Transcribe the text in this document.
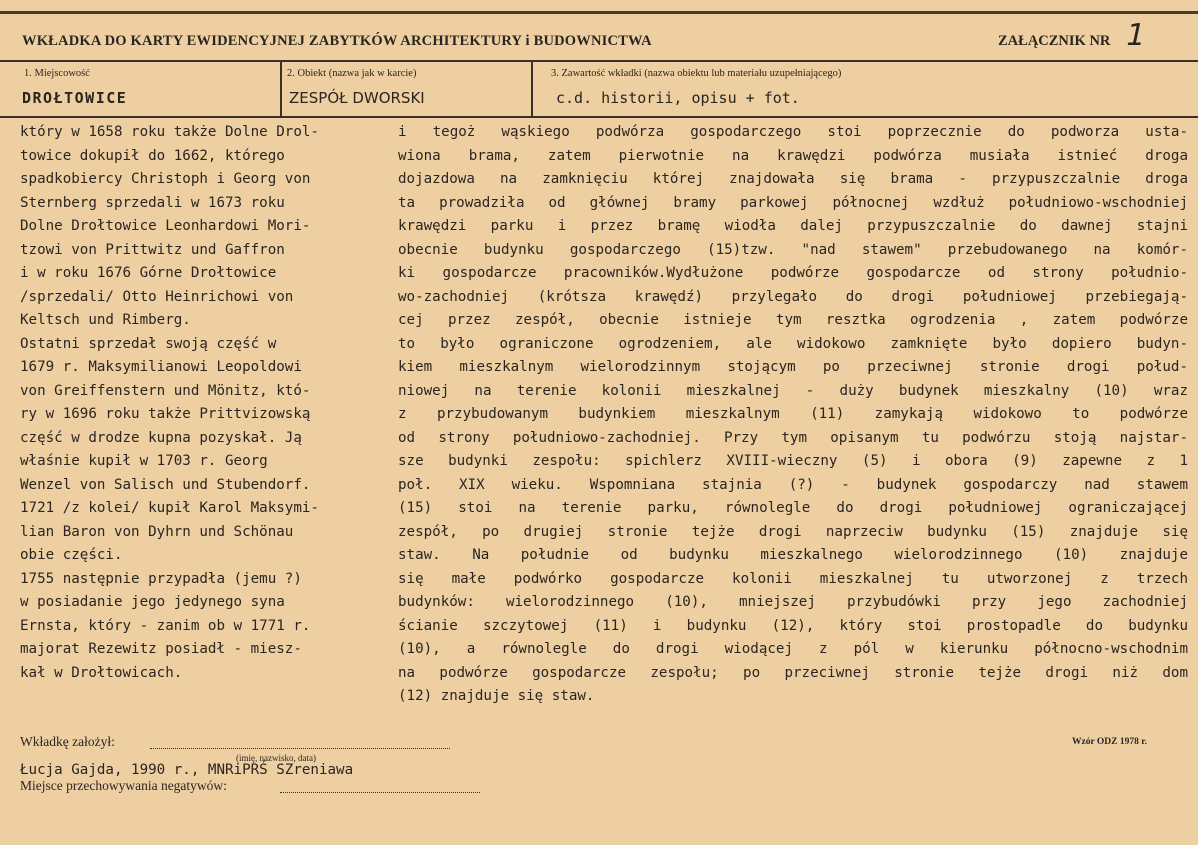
WKŁADKA DO KARTY EWIDENCYJNEJ ZABYTKÓW ARCHITEKTURY i BUDOWNICTWA	ZAŁĄCZNIK NR 1
1. Miejscowość
DROŁTOWICE
2. Obiekt (nazwa jak w karcie)
ZESPÓŁ DWORSKI
3. Zawartość wkładki (nazwa obiektu lub materiału uzupełniającego)
c.d. historii, opisu + fot.
który w 1658 roku także Dolne Drol-
towice dokupił do 1662, którego
spadkobiercy Christoph i Georg von
Sternberg sprzedali w 1673 roku
Dolne Drołtowice Leonhardowi Mori-
tzowi von Prittwitz und Gaffron
i w roku 1676 Górne Drołtowice
/sprzedali/ Otto Heinrichowi von
Keltsch und Rimberg.
Ostatni sprzedał swoją część w
1679 r. Maksymilianowi Leopoldowi
von Greiffenstern und Mönitz, któ-
ry w 1696 roku także Prittvizowską
część w drodze kupna pozyskał. Ją
właśnie kupił w 1703 r. Georg
Wenzel von Salisch und Stubendorf.
1721 /z kolei/ kupił Karol Maksymi-
lian Baron von Dyhrn und Schönau
obie części.
1755 następnie przypadła (jemu ?)
w posiadanie jego jedynego syna
Ernsta, który - zanim ob w 1771 r.
majorat Rezewitz posiadł - miesz-
kał w Drołtowicach.
i tegoż wąskiego podwórza gospodarczego stoi poprzecznie do podworza usta-
wiona brama, zatem pierwotnie na krawędzi podwórza musiała istnieć droga
dojazdowa na zamknięciu której znajdowała się brama - przypuszczalnie droga
ta prowadziła od głównej bramy parkowej północnej wzdłuż południowo-wschodniej
krawędzi parku i przez bramę wiodła dalej przypuszczalnie do dawnej stajni
obecnie budynku gospodarczego (15)tzw. "nad stawem" przebudowanego na komór-
ki gospodarcze pracowników.Wydłużone podwórze gospodarcze od strony południo-
wo-zachodniej (krótsza krawędź) przylegało do drogi południowej przebiegają-
cej przez zespół, obecnie istnieje tym resztka ogrodzenia , zatem podwórze
to było ograniczone ogrodzeniem, ale widokowo zamknięte było dopiero budyn-
kiem mieszkalnym wielorodzinnym stojącym po przeciwnej stronie drogi połud-
niowej na terenie kolonii mieszkalnej - duży budynek mieszkalny (10) wraz
z przybudowanym budynkiem mieszkalnym (11) zamykają widokowo to podwórze
od strony południowo-zachodniej. Przy tym opisanym tu podwórzu stoją najstar-
sze budynki zespołu: spichlerz XVIII-wieczny (5) i obora (9) zapewne z 1
poł. XIX wieku. Wspomniana stajnia (?) - budynek gospodarczy nad stawem
(15) stoi na terenie parku, równolegle do drogi południowej ograniczającej
zespół, po drugiej stronie tejże drogi naprzeciw budynku (15) znajduje się
staw. Na południe od budynku mieszkalnego wielorodzinnego (10) znajduje
się małe podwórko gospodarcze kolonii mieszkalnej tu utworzonej z trzech
budynków: wielorodzinnego (10), mniejszej przybudówki przy jego zachodniej
ścianie szczytowej (11) i budynku (12), który stoi prostopadle do budynku
(10), a równolegle do drogi wiodącej z pól w kierunku północno-wschodnim
na podwórze gospodarcze zespołu; po przeciwnej stronie tejże drogi niż dom
(12) znajduje się staw.
Wkładkę założył:
(imię, nazwisko, data)
Łucja Gajda, 1990 r., MNRiPRŚ SZreniawa
Miejsce przechowywania negatywów:
Wzór ODZ 1978 r.
